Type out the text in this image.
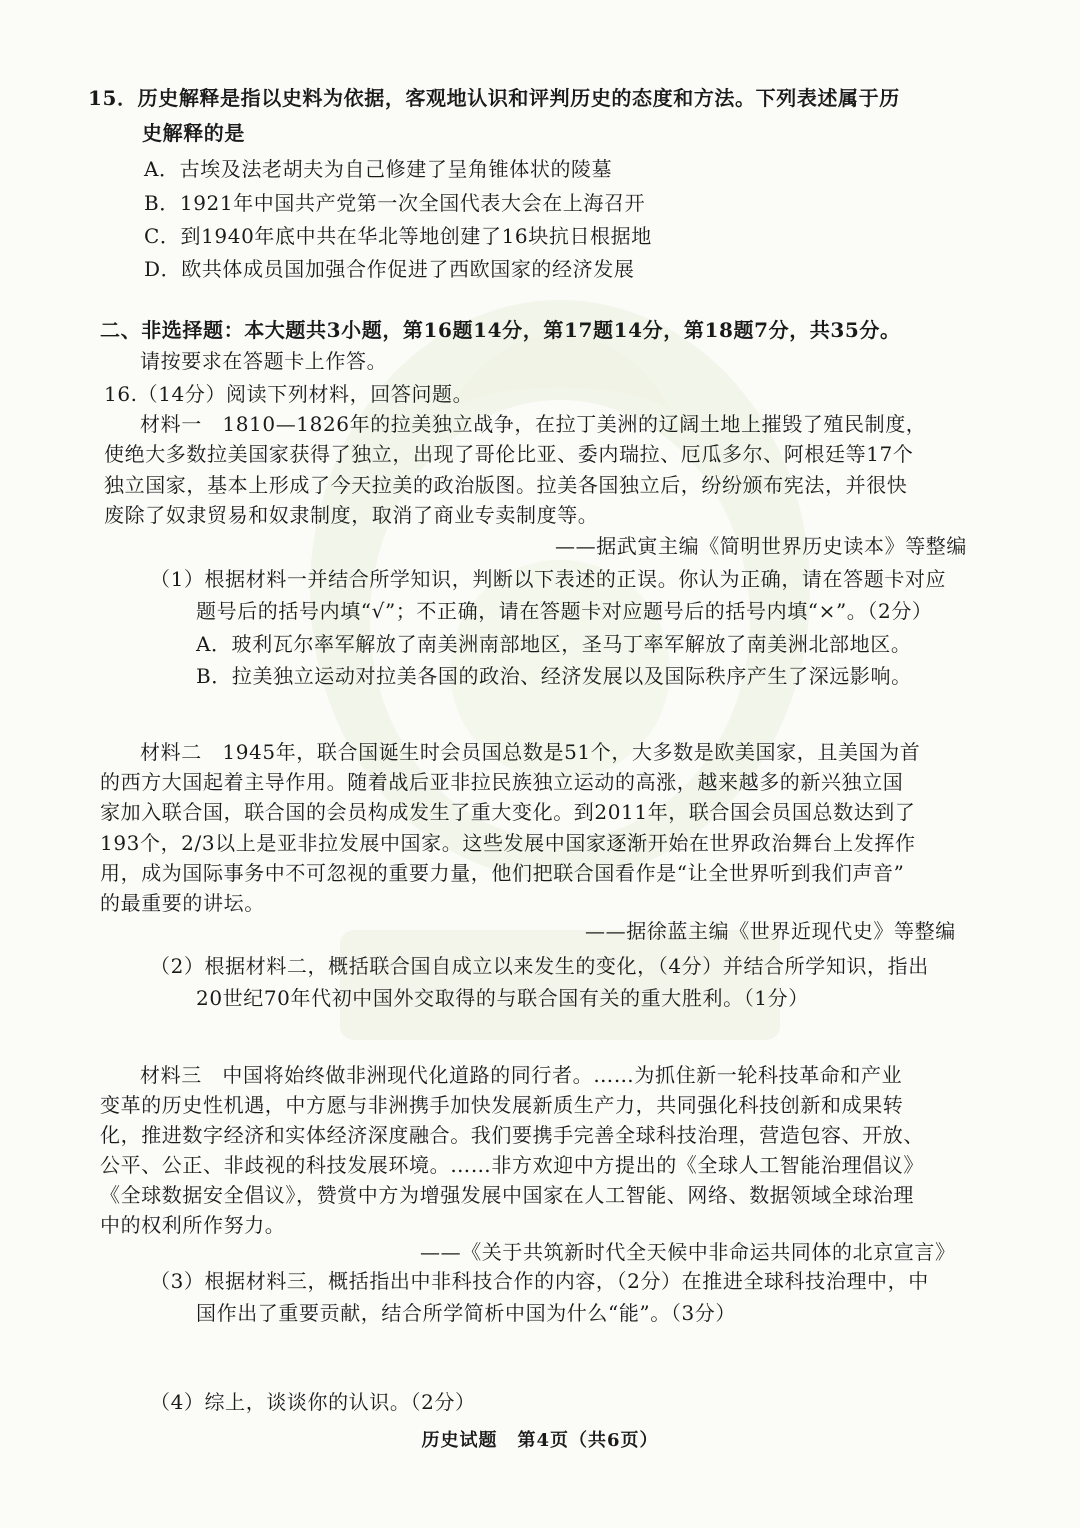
15．历史解释是指以史料为依据，客观地认识和评判历史的态度和方法。下列表述属于历
史解释的是
A．古埃及法老胡夫为自己修建了呈角锥体状的陵墓
B．1921年中国共产党第一次全国代表大会在上海召开
C．到1940年底中共在华北等地创建了16块抗日根据地
D．欧共体成员国加强合作促进了西欧国家的经济发展
二、非选择题：本大题共3小题，第16题14分，第17题14分，第18题7分，共35分。
请按要求在答题卡上作答。
16.（14分）阅读下列材料，回答问题。
材料一　1810—1826年的拉美独立战争，在拉丁美洲的辽阔土地上摧毁了殖民制度，
使绝大多数拉美国家获得了独立，出现了哥伦比亚、委内瑞拉、厄瓜多尔、阿根廷等17个
独立国家，基本上形成了今天拉美的政治版图。拉美各国独立后，纷纷颁布宪法，并很快
废除了奴隶贸易和奴隶制度，取消了商业专卖制度等。
——据武寅主编《简明世界历史读本》等整编
（1）根据材料一并结合所学知识，判断以下表述的正误。你认为正确，请在答题卡对应
题号后的括号内填“√”；不正确，请在答题卡对应题号后的括号内填“×”。（2分）
A．玻利瓦尔率军解放了南美洲南部地区，圣马丁率军解放了南美洲北部地区。
B．拉美独立运动对拉美各国的政治、经济发展以及国际秩序产生了深远影响。
材料二　1945年，联合国诞生时会员国总数是51个，大多数是欧美国家，且美国为首
的西方大国起着主导作用。随着战后亚非拉民族独立运动的高涨，越来越多的新兴独立国
家加入联合国，联合国的会员构成发生了重大变化。到2011年，联合国会员国总数达到了
193个，2/3以上是亚非拉发展中国家。这些发展中国家逐渐开始在世界政治舞台上发挥作
用，成为国际事务中不可忽视的重要力量，他们把联合国看作是“让全世界听到我们声音”
的最重要的讲坛。
——据徐蓝主编《世界近现代史》等整编
（2）根据材料二，概括联合国自成立以来发生的变化，（4分）并结合所学知识，指出
20世纪70年代初中国外交取得的与联合国有关的重大胜利。（1分）
材料三　中国将始终做非洲现代化道路的同行者。……为抓住新一轮科技革命和产业
变革的历史性机遇，中方愿与非洲携手加快发展新质生产力，共同强化科技创新和成果转
化，推进数字经济和实体经济深度融合。我们要携手完善全球科技治理，营造包容、开放、
公平、公正、非歧视的科技发展环境。……非方欢迎中方提出的《全球人工智能治理倡议》
《全球数据安全倡议》，赞赏中方为增强发展中国家在人工智能、网络、数据领域全球治理
中的权利所作努力。
——《关于共筑新时代全天候中非命运共同体的北京宣言》
（3）根据材料三，概括指出中非科技合作的内容，（2分）在推进全球科技治理中，中
国作出了重要贡献，结合所学简析中国为什么“能”。（3分）
（4）综上，谈谈你的认识。（2分）
历史试题 第4页（共6页）
